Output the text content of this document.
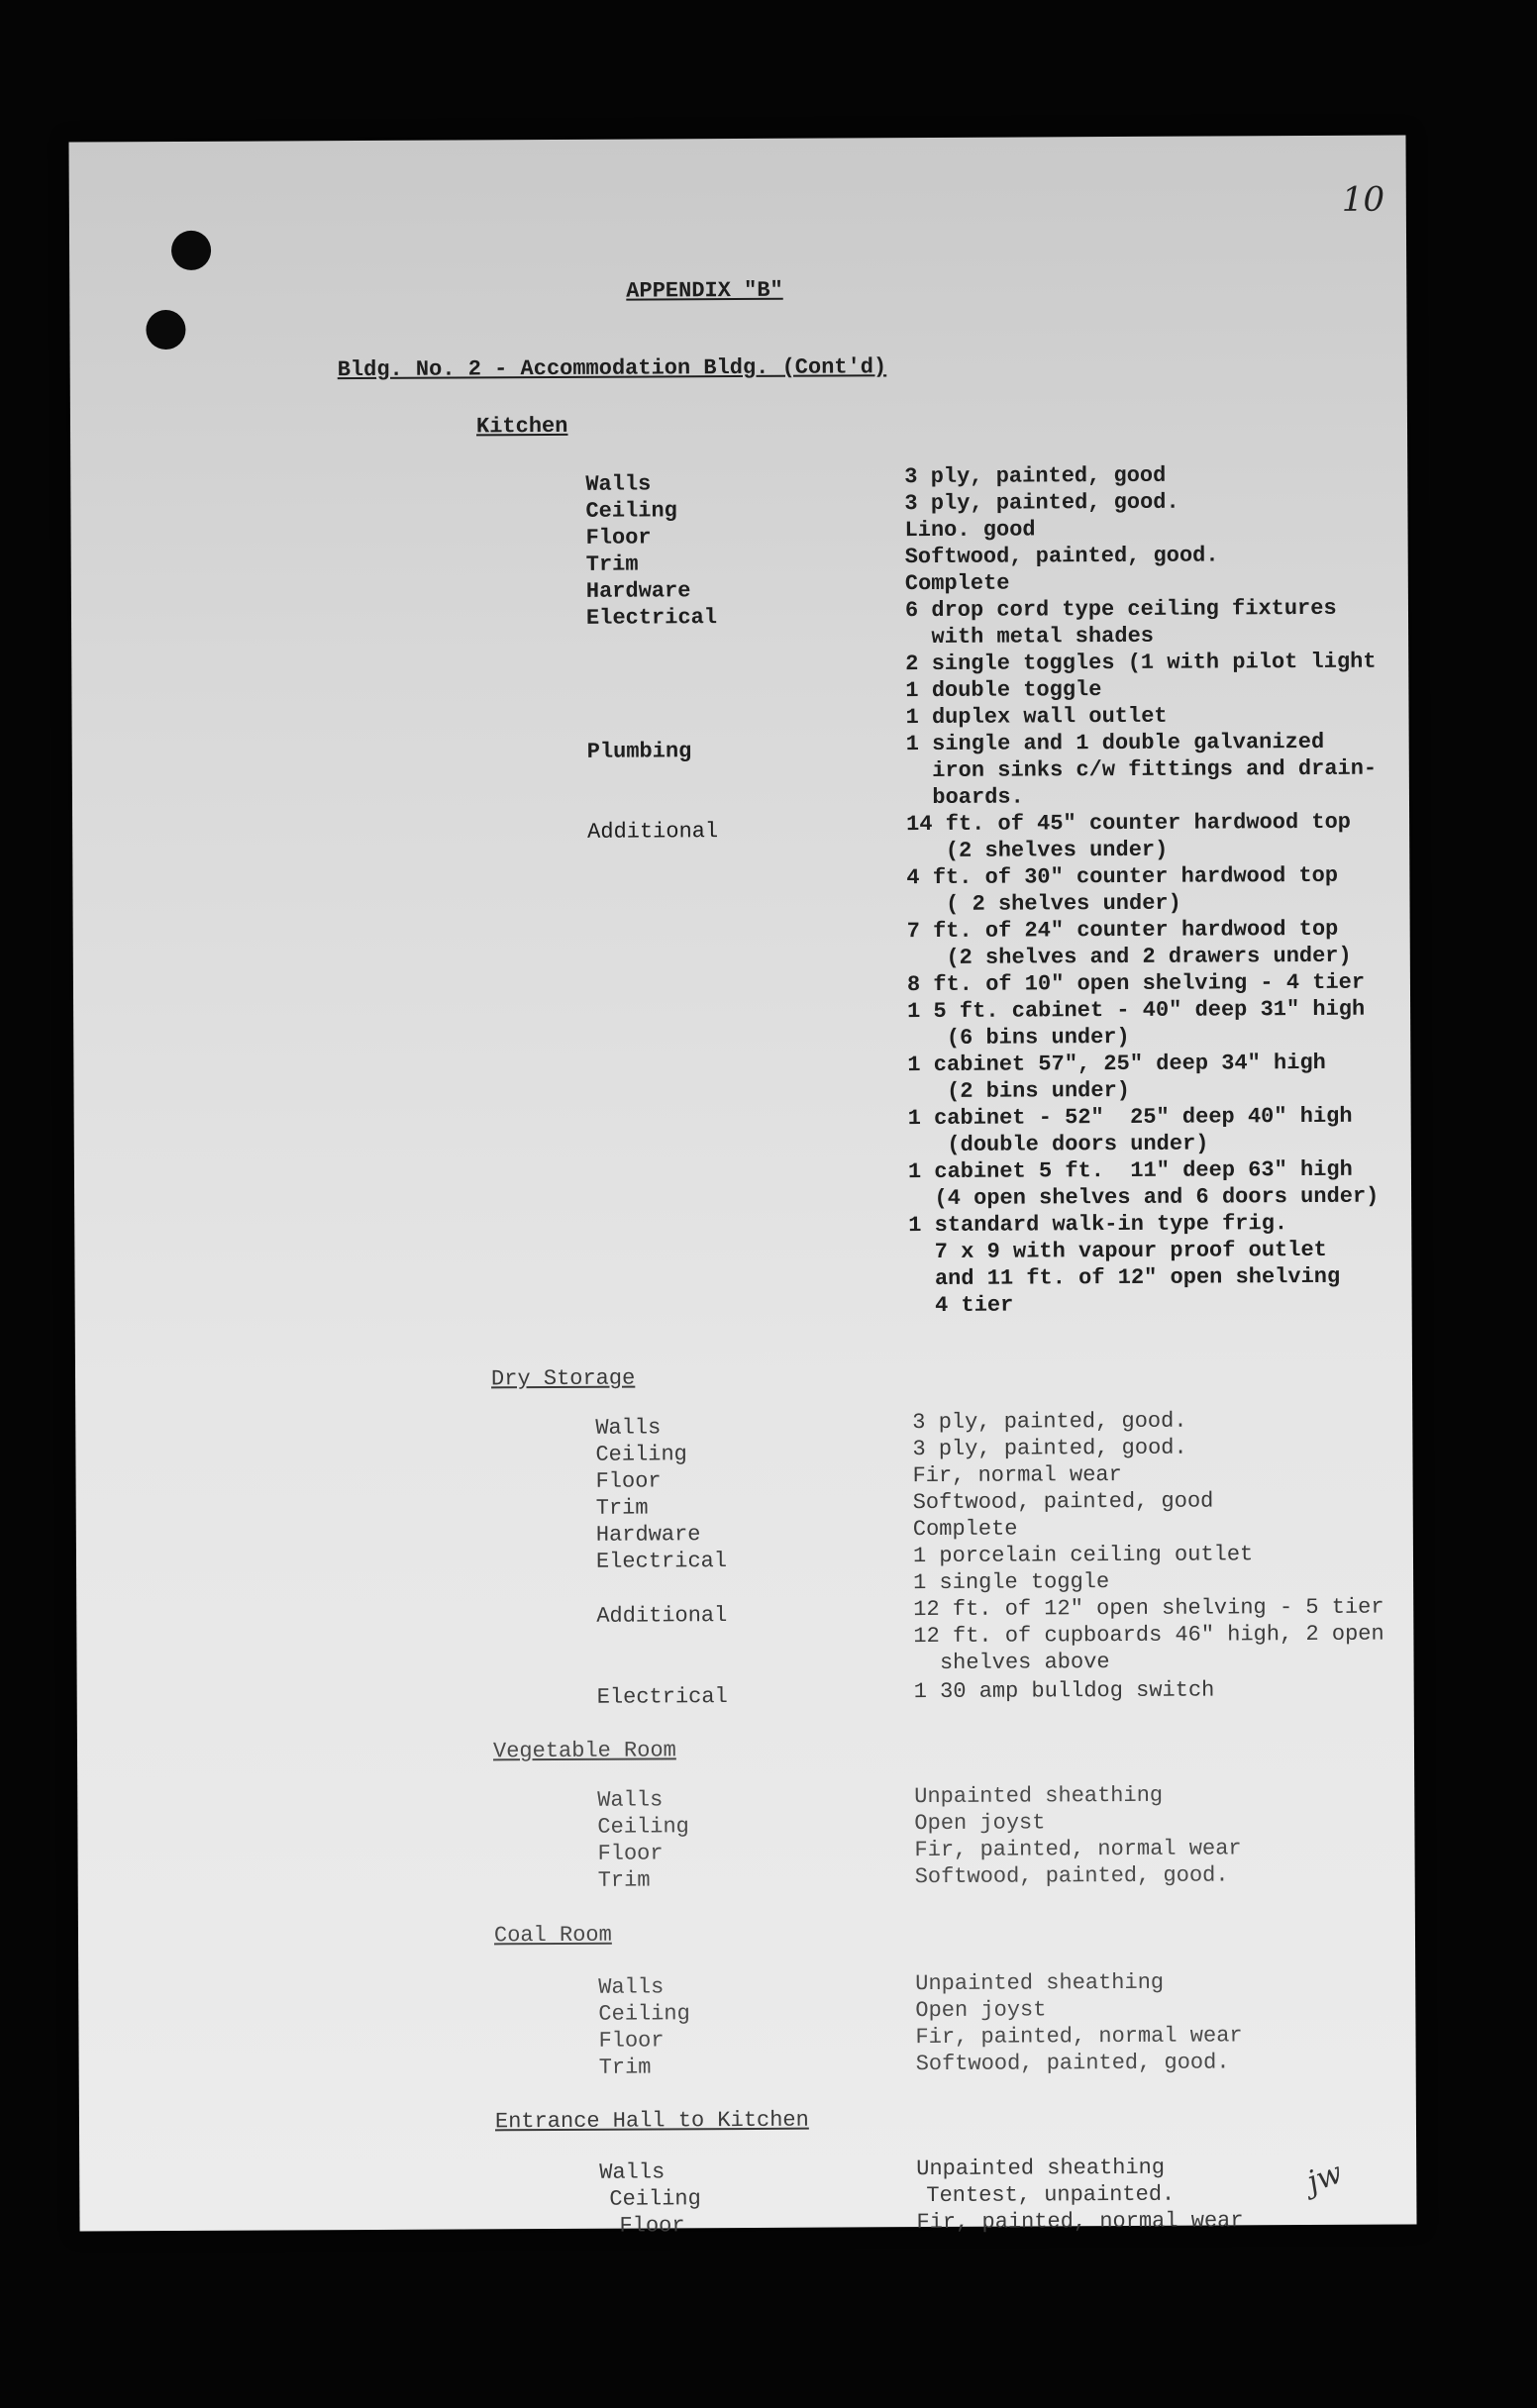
10
APPENDIX "B"
Bldg. No. 2 - Accommodation Bldg. (Cont'd)
Kitchen
Walls	3 ply, painted, good
Ceiling	3 ply, painted, good.
Floor	Lino. good
Trim	Softwood, painted, good.
Hardware	Complete
Electrical	6 drop cord type ceiling fixtures
with metal shades
2 single toggles (1 with pilot light
1 double toggle
1 duplex wall outlet
Plumbing	1 single and 1 double galvanized
iron sinks c/w fittings and drain-
boards.
Additional	14 ft. of 45" counter hardwood top
(2 shelves under)
4 ft. of 30" counter hardwood top
( 2 shelves under)
7 ft. of 24" counter hardwood top
(2 shelves and 2 drawers under)
8 ft. of 10" open shelving - 4 tier
1 5 ft. cabinet - 40" deep 31" high
(6 bins under)
1 cabinet 57", 25" deep 34" high
(2 bins under)
1 cabinet - 52"  25" deep 40" high
(double doors under)
1 cabinet 5 ft.  11" deep 63" high
(4 open shelves and 6 doors under)
1 standard walk-in type frig.
7 x 9 with vapour proof outlet
and 11 ft. of 12" open shelving
4 tier
Dry Storage
Walls	3 ply, painted, good.
Ceiling	3 ply, painted, good.
Floor	Fir, normal wear
Trim	Softwood, painted, good
Hardware	Complete
Electrical	1 porcelain ceiling outlet
1 single toggle
Additional	12 ft. of 12" open shelving - 5 tier
12 ft. of cupboards 46" high, 2 open
shelves above
Electrical	1 30 amp bulldog switch
Vegetable Room
Walls	Unpainted sheathing
Ceiling	Open joyst
Floor	Fir, painted, normal wear
Trim	Softwood, painted, good.
Coal Room
Walls	Unpainted sheathing
Ceiling	Open joyst
Floor	Fir, painted, normal wear
Trim	Softwood, painted, good.
Entrance Hall to Kitchen
Walls	Unpainted sheathing
Ceiling	Tentest, unpainted.
Floor	Fir, painted, normal wear
jw
